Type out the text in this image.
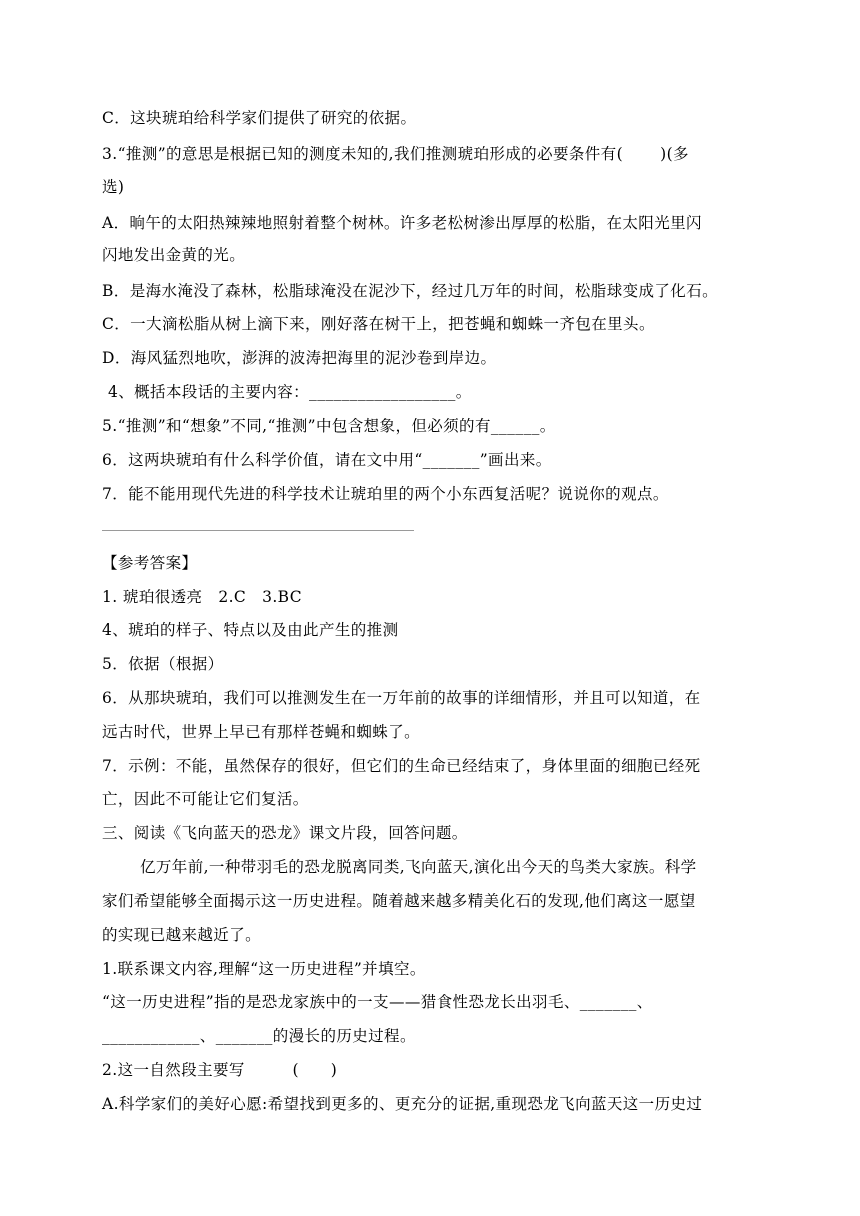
C．这块琥珀给科学家们提供了研究的依据。
3.“推测”的意思是根据已知的测度未知的,我们推测琥珀形成的必要条件有(　　 )(多
选)
A．晌午的太阳热辣辣地照射着整个树林。许多老松树渗出厚厚的松脂，在太阳光里闪
闪地发出金黄的光。
B．是海水淹没了森林，松脂球淹没在泥沙下，经过几万年的时间，松脂球变成了化石。
C．一大滴松脂从树上滴下来，刚好落在树干上，把苍蝇和蜘蛛一齐包在里头。
D．海风猛烈地吹，澎湃的波涛把海里的泥沙卷到岸边。
4、概括本段话的主要内容：__________________。
5.“推测”和“想象”不同,“推测”中包含想象，但必须的有______。
6．这两块琥珀有什么科学价值，请在文中用“_______”画出来。
7．能不能用现代先进的科学技术让琥珀里的两个小东西复活呢？说说你的观点。
【参考答案】
1. 琥珀很透亮　2.C　3.BC
4、琥珀的样子、特点以及由此产生的推测
5．依据（根据）
6．从那块琥珀，我们可以推测发生在一万年前的故事的详细情形，并且可以知道，在
远古时代，世界上早已有那样苍蝇和蜘蛛了。
7．示例：不能，虽然保存的很好，但它们的生命已经结束了，身体里面的细胞已经死
亡，因此不可能让它们复活。
三、阅读《飞向蓝天的恐龙》课文片段，回答问题。
亿万年前,一种带羽毛的恐龙脱离同类,飞向蓝天,演化出今天的鸟类大家族。科学
家们希望能够全面揭示这一历史进程。随着越来越多精美化石的发现,他们离这一愿望
的实现已越来越近了。
1.联系课文内容,理解“这一历史进程”并填空。
“这一历史进程”指的是恐龙家族中的一支——猎食性恐龙长出羽毛、_______、
____________、_______的漫长的历史过程。
2.这一自然段主要写　　　(　　)
A.科学家们的美好心愿:希望找到更多的、更充分的证据,重现恐龙飞向蓝天这一历史过
